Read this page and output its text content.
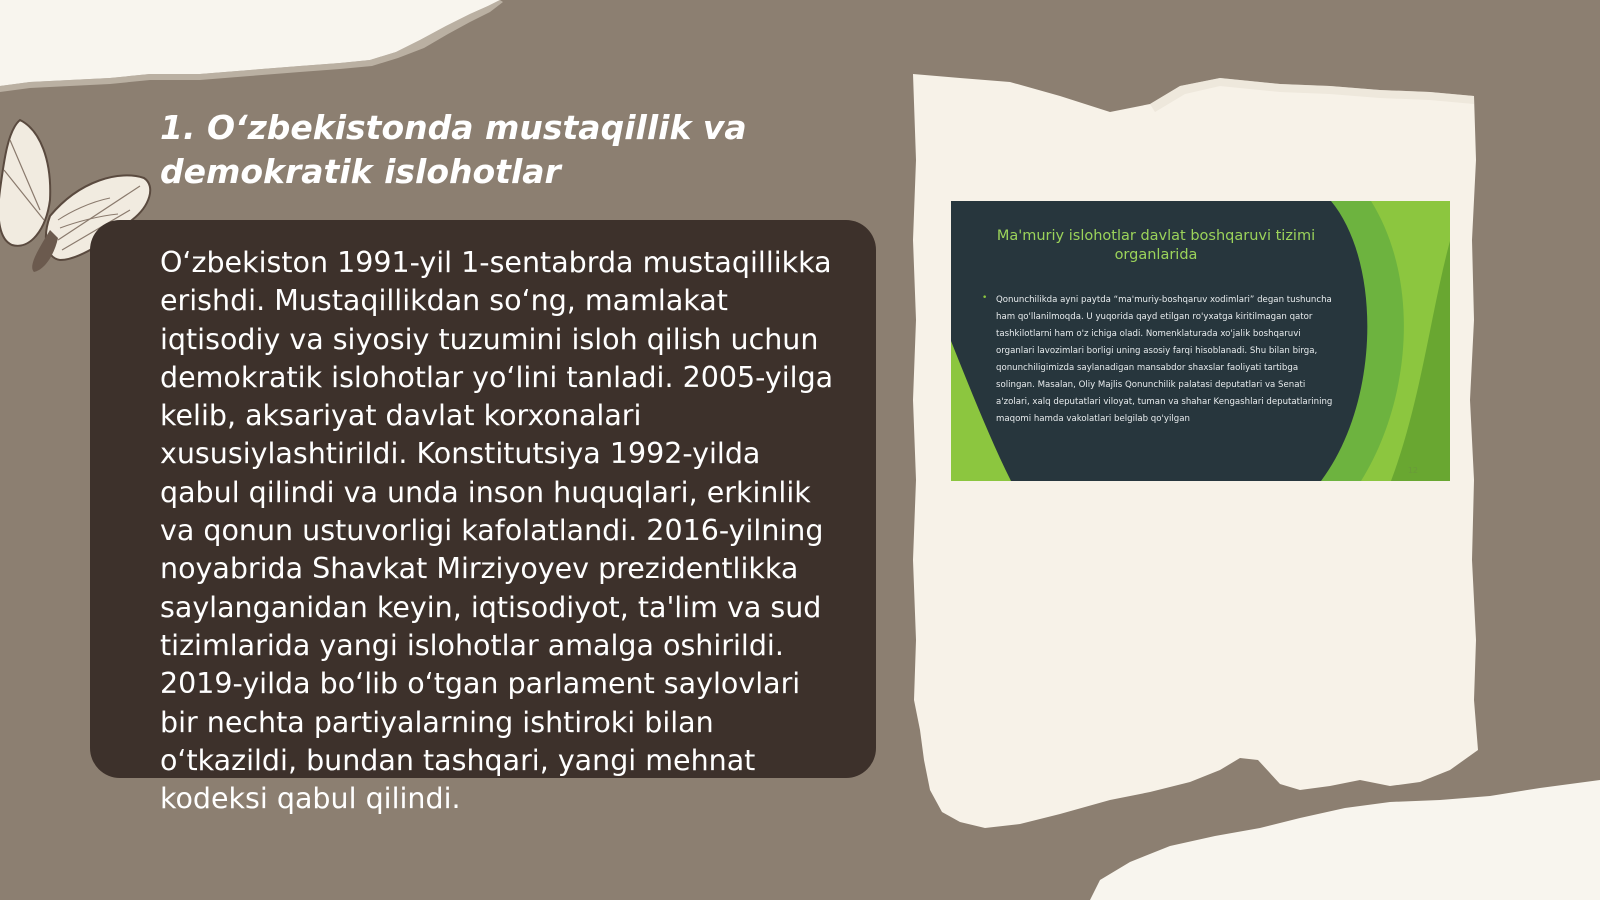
1. O‘zbekistonda mustaqillik va demokratik islohotlar

O‘zbekiston 1991-yil 1-sentabrda mustaqillikka erishdi. Mustaqillikdan so‘ng, mamlakat iqtisodiy va siyosiy tuzumini isloh qilish uchun demokratik islohotlar yo‘lini tanladi. 2005-yilga kelib, aksariyat davlat korxonalari xususiylashtirildi. Konstitutsiya 1992-yilda qabul qilindi va unda inson huquqlari, erkinlik va qonun ustuvorligi kafolatlandi. 2016-yilning noyabrida Shavkat Mirziyoyev prezidentlikka saylanganidan keyin, iqtisodiyot, ta'lim va sud tizimlarida yangi islohotlar amalga oshirildi. 2019-yilda bo‘lib o‘tgan parlament saylovlari bir nechta partiyalarning ishtiroki bilan o‘tkazildi, bundan tashqari, yangi mehnat kodeksi qabul qilindi.

Ma'muriy islohotlar davlat boshqaruvi tizimi organlarida
• Qonunchilikda ayni paytda “ma'muriy-boshqaruv xodimlari” degan tushuncha ham qo'llanilmoqda. U yuqorida qayd etilgan ro'yxatga kiritilmagan qator tashkilotlarni ham o'z ichiga oladi. Nomenklaturada xo'jalik boshqaruvi organlari lavozimlari borligi uning asosiy farqi hisoblanadi. Shu bilan birga, qonunchiligimizda saylanadigan mansabdor shaxslar faoliyati tartibga solingan. Masalan, Oliy Majlis Qonunchilik palatasi deputatlari va Senati a'zolari, xalq deputatlari viloyat, tuman va shahar Kengashlari deputatlarining maqomi hamda vakolatlari belgilab qo'yilgan
12
